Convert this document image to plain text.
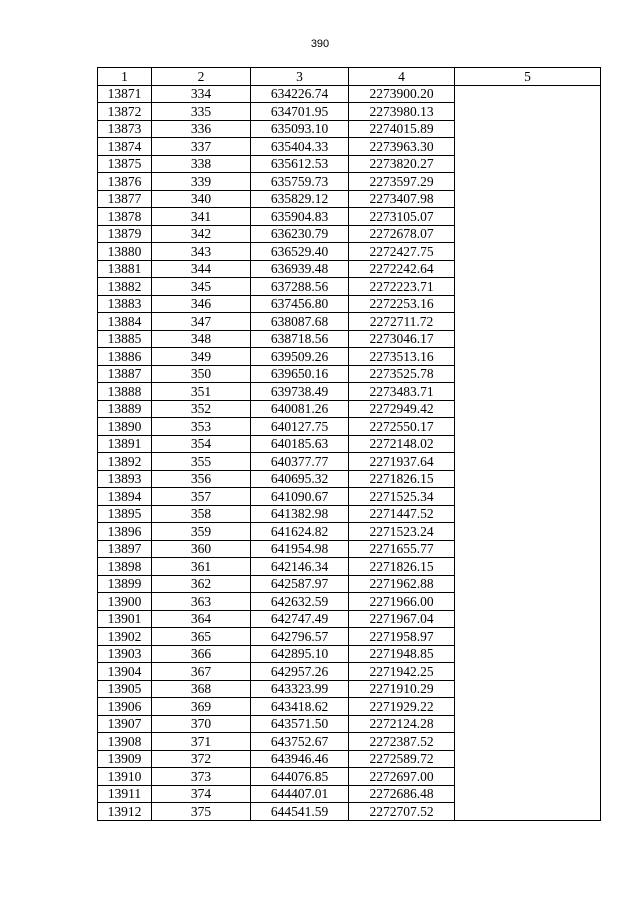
390
1	2	3	4	5
13871	334	634226.74	2273900.20	
13872	335	634701.95	2273980.13	
13873	336	635093.10	2274015.89	
13874	337	635404.33	2273963.30	
13875	338	635612.53	2273820.27	
13876	339	635759.73	2273597.29	
13877	340	635829.12	2273407.98	
13878	341	635904.83	2273105.07	
13879	342	636230.79	2272678.07	
13880	343	636529.40	2272427.75	
13881	344	636939.48	2272242.64	
13882	345	637288.56	2272223.71	
13883	346	637456.80	2272253.16	
13884	347	638087.68	2272711.72	
13885	348	638718.56	2273046.17	
13886	349	639509.26	2273513.16	
13887	350	639650.16	2273525.78	
13888	351	639738.49	2273483.71	
13889	352	640081.26	2272949.42	
13890	353	640127.75	2272550.17	
13891	354	640185.63	2272148.02	
13892	355	640377.77	2271937.64	
13893	356	640695.32	2271826.15	
13894	357	641090.67	2271525.34	
13895	358	641382.98	2271447.52	
13896	359	641624.82	2271523.24	
13897	360	641954.98	2271655.77	
13898	361	642146.34	2271826.15	
13899	362	642587.97	2271962.88	
13900	363	642632.59	2271966.00	
13901	364	642747.49	2271967.04	
13902	365	642796.57	2271958.97	
13903	366	642895.10	2271948.85	
13904	367	642957.26	2271942.25	
13905	368	643323.99	2271910.29	
13906	369	643418.62	2271929.22	
13907	370	643571.50	2272124.28	
13908	371	643752.67	2272387.52	
13909	372	643946.46	2272589.72	
13910	373	644076.85	2272697.00	
13911	374	644407.01	2272686.48	
13912	375	644541.59	2272707.52	
